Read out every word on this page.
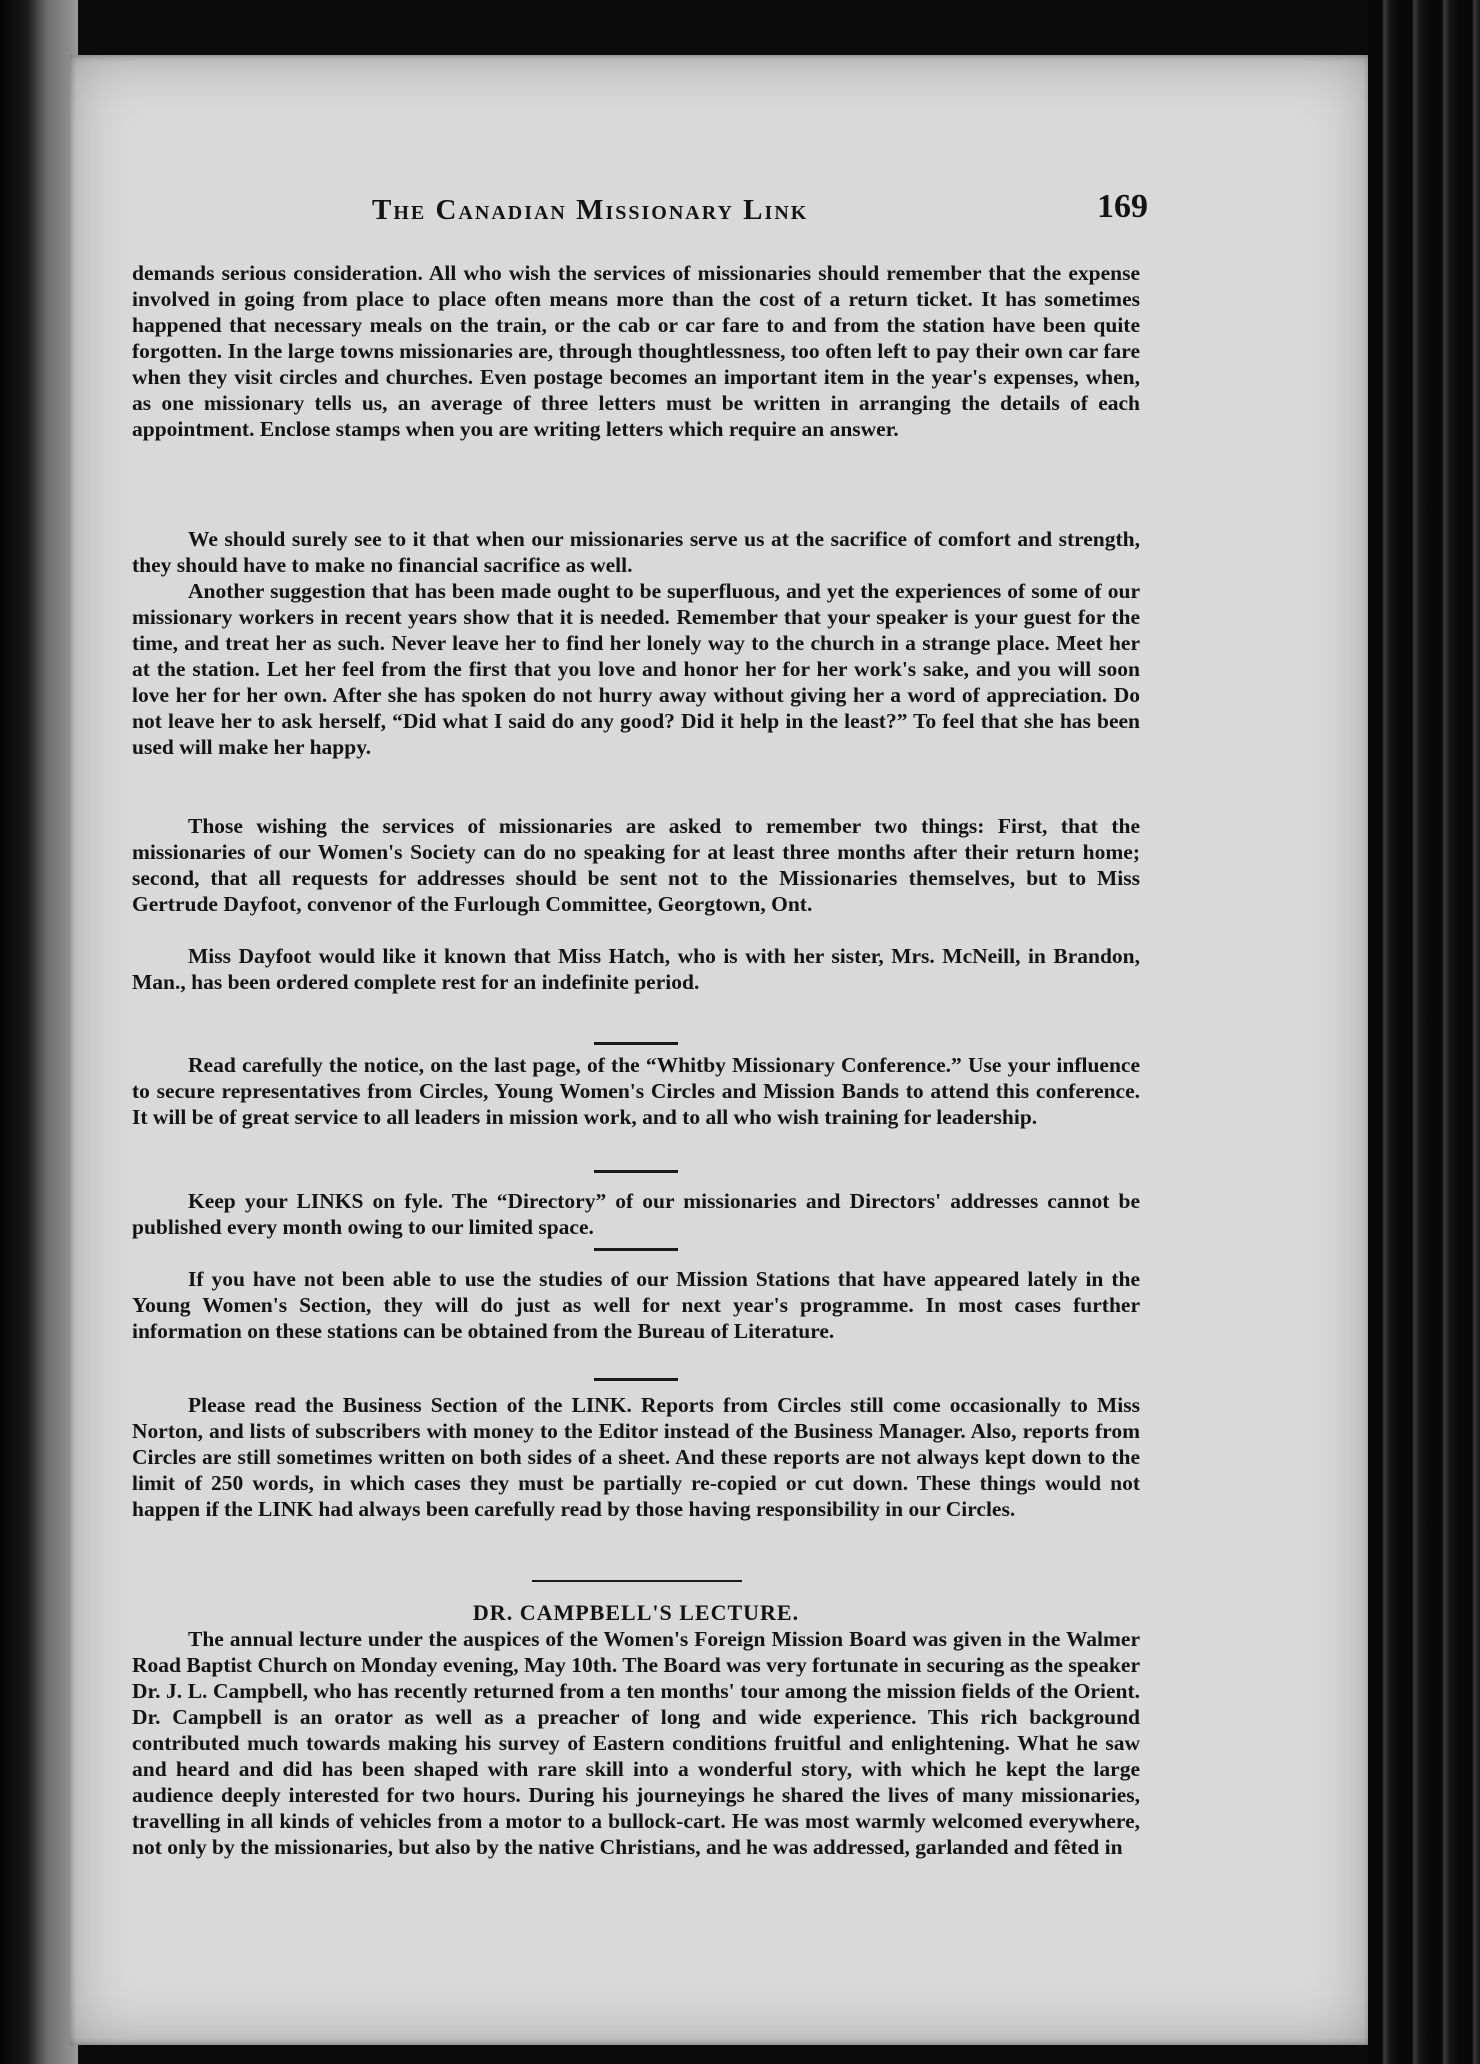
The Canadian Missionary Link	169

demands serious consideration. All who wish the services of missionaries should remember that the expense involved in going from place to place often means more than the cost of a return ticket. It has sometimes happened that necessary meals on the train, or the cab or car fare to and from the station have been quite forgotten. In the large towns missionaries are, through thoughtlessness, too often left to pay their own car fare when they visit circles and churches. Even postage becomes an important item in the year's expenses, when, as one missionary tells us, an average of three letters must be written in arranging the details of each appointment. Enclose stamps when you are writing letters which require an answer.

We should surely see to it that when our missionaries serve us at the sacrifice of comfort and strength, they should have to make no financial sacrifice as well.

Another suggestion that has been made ought to be superfluous, and yet the experiences of some of our missionary workers in recent years show that it is needed. Remember that your speaker is your guest for the time, and treat her as such. Never leave her to find her lonely way to the church in a strange place. Meet her at the station. Let her feel from the first that you love and honor her for her work's sake, and you will soon love her for her own. After she has spoken do not hurry away without giving her a word of appreciation. Do not leave her to ask herself, “Did what I said do any good? Did it help in the least?” To feel that she has been used will make her happy.

Those wishing the services of missionaries are asked to remember two things: First, that the missionaries of our Women's Society can do no speaking for at least three months after their return home; second, that all requests for addresses should be sent not to the Missionaries themselves, but to Miss Gertrude Dayfoot, convenor of the Furlough Committee, Georgtown, Ont.

Miss Dayfoot would like it known that Miss Hatch, who is with her sister, Mrs. McNeill, in Brandon, Man., has been ordered complete rest for an indefinite period.

Read carefully the notice, on the last page, of the “Whitby Missionary Conference.” Use your influence to secure representatives from Circles, Young Women's Circles and Mission Bands to attend this conference. It will be of great service to all leaders in mission work, and to all who wish training for leadership.

Keep your LINKS on fyle. The “Directory” of our missionaries and Directors' addresses cannot be published every month owing to our limited space.

If you have not been able to use the studies of our Mission Stations that have appeared lately in the Young Women's Section, they will do just as well for next year's programme. In most cases further information on these stations can be obtained from the Bureau of Literature.

Please read the Business Section of the LINK. Reports from Circles still come occasionally to Miss Norton, and lists of subscribers with money to the Editor instead of the Business Manager. Also, reports from Circles are still sometimes written on both sides of a sheet. And these reports are not always kept down to the limit of 250 words, in which cases they must be partially re-copied or cut down. These things would not happen if the LINK had always been carefully read by those having responsibility in our Circles.

DR. CAMPBELL'S LECTURE.

The annual lecture under the auspices of the Women's Foreign Mission Board was given in the Walmer Road Baptist Church on Monday evening, May 10th. The Board was very fortunate in securing as the speaker Dr. J. L. Campbell, who has recently returned from a ten months' tour among the mission fields of the Orient. Dr. Campbell is an orator as well as a preacher of long and wide experience. This rich background contributed much towards making his survey of Eastern conditions fruitful and enlightening. What he saw and heard and did has been shaped with rare skill into a wonderful story, with which he kept the large audience deeply interested for two hours. During his journeyings he shared the lives of many missionaries, travelling in all kinds of vehicles from a motor to a bullock-cart. He was most warmly welcomed everywhere, not only by the missionaries, but also by the native Christians, and he was addressed, garlanded and fêted in
